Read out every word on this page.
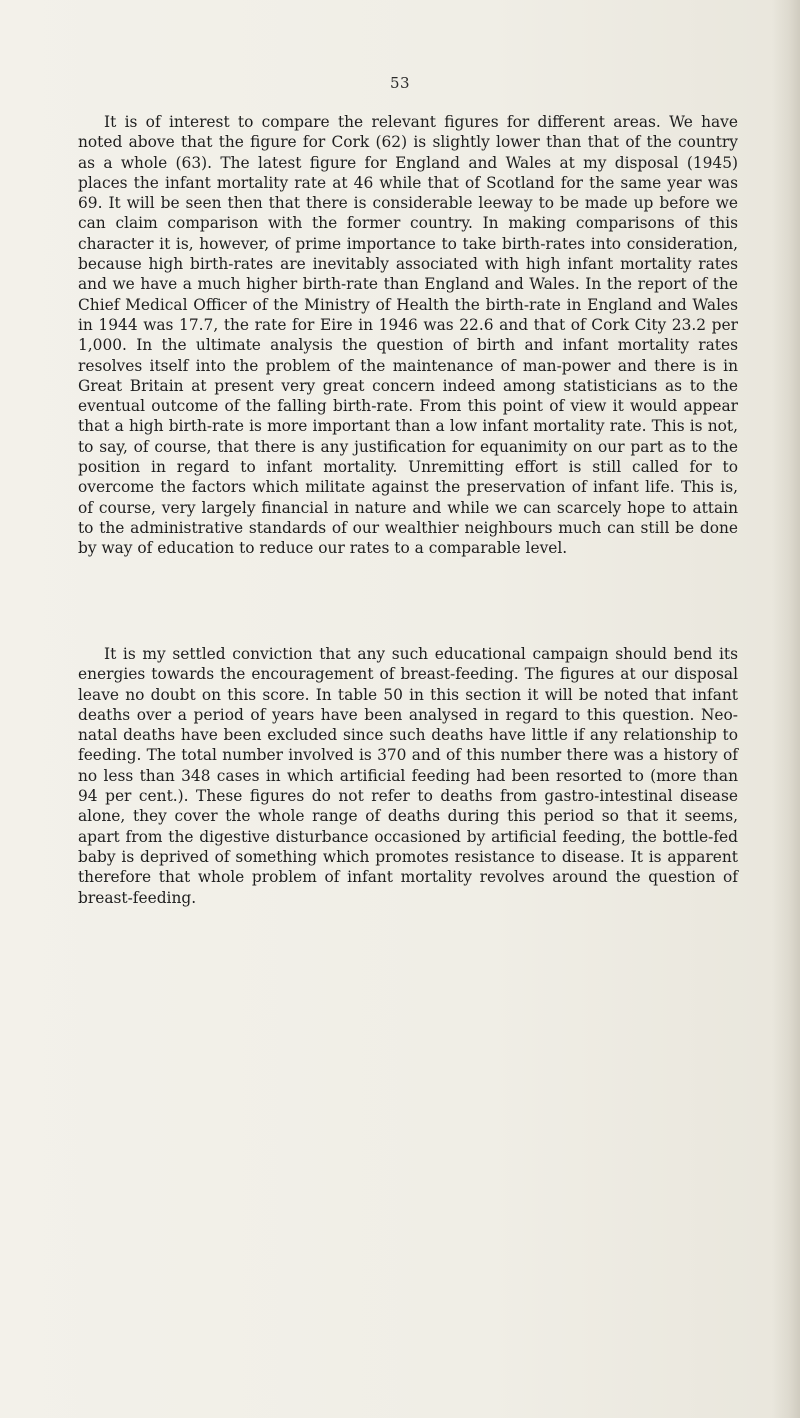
53

It is of interest to compare the relevant figures for different areas. We have noted above that the figure for Cork (62) is slightly lower than that of the country as a whole (63). The latest figure for England and Wales at my disposal (1945) places the infant mortality rate at 46 while that of Scotland for the same year was 69. It will be seen then that there is considerable leeway to be made up before we can claim comparison with the former country. In making comparisons of this character it is, however, of prime importance to take birth-rates into consideration, because high birth-rates are inevitably associated with high infant mortality rates and we have a much higher birth-rate than England and Wales. In the report of the Chief Medical Officer of the Ministry of Health the birth-rate in England and Wales in 1944 was 17.7, the rate for Eire in 1946 was 22.6 and that of Cork City 23.2 per 1,000. In the ultimate analysis the question of birth and infant mortality rates resolves itself into the problem of the maintenance of man-power and there is in Great Britain at present very great concern indeed among statisticians as to the eventual outcome of the falling birth-rate. From this point of view it would appear that a high birth-rate is more important than a low infant mortality rate. This is not, to say, of course, that there is any justification for equanimity on our part as to the position in regard to infant mortality. Unremitting effort is still called for to overcome the factors which militate against the preservation of infant life. This is, of course, very largely financial in nature and while we can scarcely hope to attain to the administrative standards of our wealthier neighbours much can still be done by way of education to reduce our rates to a comparable level.

It is my settled conviction that any such educational campaign should bend its energies towards the encouragement of breast-feeding. The figures at our disposal leave no doubt on this score. In table 50 in this section it will be noted that infant deaths over a period of years have been analysed in regard to this question. Neo-natal deaths have been excluded since such deaths have little if any relationship to feeding. The total number involved is 370 and of this number there was a history of no less than 348 cases in which artificial feeding had been resorted to (more than 94 per cent.). These figures do not refer to deaths from gastro-intestinal disease alone, they cover the whole range of deaths during this period so that it seems, apart from the digestive disturbance occasioned by artificial feeding, the bottle-fed baby is deprived of something which promotes resistance to disease. It is apparent therefore that whole problem of infant mortality revolves around the question of breast-feeding.
